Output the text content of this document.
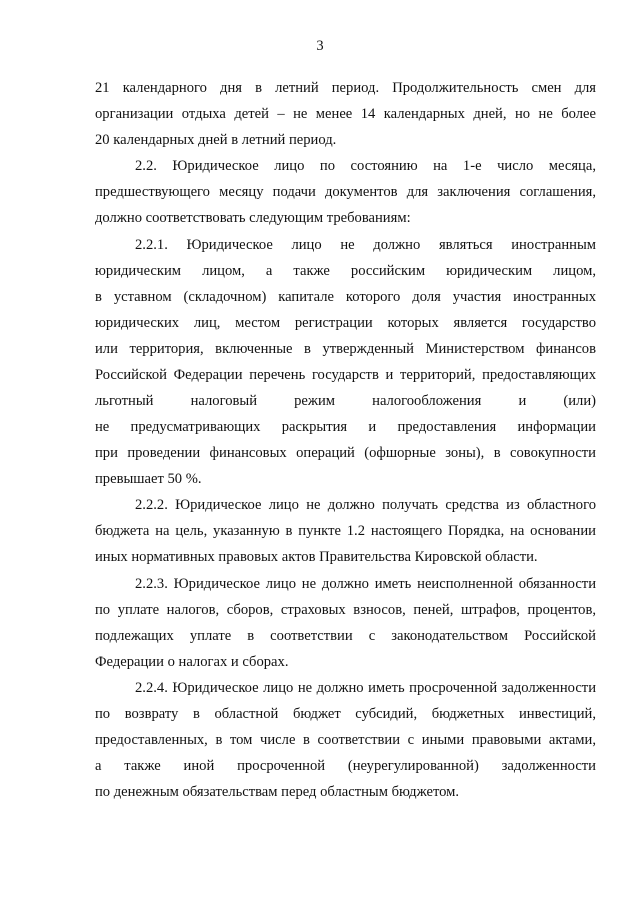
3
21 календарного дня в летний период. Продолжительность смен для
организации отдыха детей – не менее 14 календарных дней, но не более
20 календарных дней в летний период.
2.2. Юридическое лицо по состоянию на 1-е число месяца,
предшествующего месяцу подачи документов для заключения соглашения,
должно соответствовать следующим требованиям:
2.2.1. Юридическое лицо не должно являться иностранным
юридическим лицом, а также российским юридическим лицом,
в уставном (складочном) капитале которого доля участия иностранных
юридических лиц, местом регистрации которых является государство
или территория, включенные в утвержденный Министерством финансов
Российской Федерации перечень государств и территорий, предоставляющих
льготный налоговый режим налогообложения и (или)
не предусматривающих раскрытия и предоставления информации
при проведении финансовых операций (офшорные зоны), в совокупности
превышает 50 %.
2.2.2. Юридическое лицо не должно получать средства из областного
бюджета на цель, указанную в пункте 1.2 настоящего Порядка, на основании
иных нормативных правовых актов Правительства Кировской области.
2.2.3. Юридическое лицо не должно иметь неисполненной обязанности
по уплате налогов, сборов, страховых взносов, пеней, штрафов, процентов,
подлежащих уплате в соответствии с законодательством Российской
Федерации о налогах и сборах.
2.2.4. Юридическое лицо не должно иметь просроченной задолженности
по возврату в областной бюджет субсидий, бюджетных инвестиций,
предоставленных, в том числе в соответствии с иными правовыми актами,
а также иной просроченной (неурегулированной) задолженности
по денежным обязательствам перед областным бюджетом.
